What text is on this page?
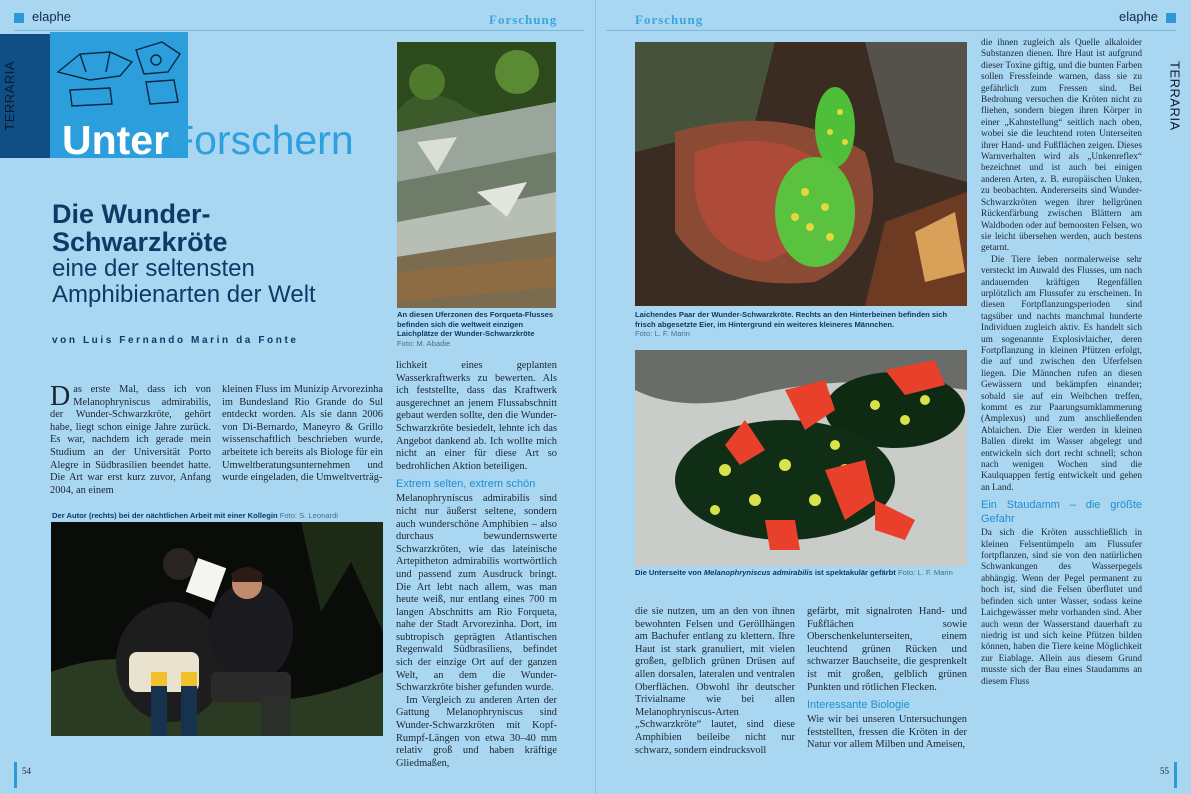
elaphe	Forschung
TERRARIA
UnterForschern
Die Wunder-
Schwarzkröte
eine der seltensten
Amphibienarten der Welt
von Luis Fernando Marin da Fonte

Das erste Mal, dass ich von Melanophryniscus admirabilis, der Wunder-Schwarzkröte, gehört habe, liegt schon einige Jahre zurück. Es war, nachdem ich gerade mein Studium an der Universität Porto Alegre in Südbrasilien beendet hatte. Die Art war erst kurz zuvor, Anfang 2004, an einem

kleinen Fluss im Munizip Arvorezinha im Bundesland Rio Grande do Sul entdeckt worden. Als sie dann 2006 von Di-Bernardo, Maneyro & Grillo wissenschaftlich beschrieben wurde, arbeitete ich bereits als Biologe für ein Umweltberatungsunternehmen und wurde eingeladen, die Umweltverträg-

Der Autor (rechts) bei der nächtlichen Arbeit mit einer Kollegin Foto: S. Leonardi
An diesen Uferzonen des Forqueta-Flusses befinden sich die weltweit einzigen Laichplätze der Wunder-Schwarzkröte
Foto: M. Abadie

lichkeit eines geplanten Wasserkraftwerks zu bewerten. Als ich feststellte, dass das Kraftwerk ausgerechnet an jenem Flussabschnitt gebaut werden sollte, den die Wunder-Schwarzkröte besiedelt, lehnte ich das Angebot dankend ab. Ich wollte mich nicht an einer für diese Art so bedrohlichen Aktion beteiligen.

Extrem selten, extrem schön

Melanophryniscus admirabilis sind nicht nur äußerst seltene, sondern auch wunderschöne Amphibien – also durchaus bewundernswerte Schwarzkröten, wie das lateinische Artepitheton admirabilis wortwörtlich und passend zum Ausdruck bringt. Die Art lebt nach allem, was man heute weiß, nur entlang eines 700 m langen Abschnitts am Rio Forqueta, nahe der Stadt Arvorezinha. Dort, im subtropisch geprägten Atlantischen Regenwald Südbrasiliens, befindet sich der einzige Ort auf der ganzen Welt, an dem die Wunder-Schwarzkröte bisher gefunden wurde.

Im Vergleich zu anderen Arten der Gattung Melanophryniscus sind Wunder-Schwarzkröten mit Kopf-Rumpf-Längen von etwa 30–40 mm relativ groß und haben kräftige Gliedmaßen,

54
Forschung	elaphe
TERRARIA
Laichendes Paar der Wunder-Schwarzkröte. Rechts an den Hinterbeinen befinden sich frisch abgesetzte Eier, im Hintergrund ein weiteres kleineres Männchen.
Foto: L. F. Marin
Die Unterseite von Melanophryniscus admirabilis ist spektakulär gefärbt Foto: L. F. Marin

die sie nutzen, um an den von ihnen bewohnten Felsen und Geröllhängen am Bachufer entlang zu klettern. Ihre Haut ist stark granuliert, mit vielen großen, gelblich grünen Drüsen auf allen dorsalen, lateralen und ventralen Oberflächen. Obwohl ihr deutscher Trivialname wie bei allen Melanophryniscus-Arten „Schwarzkröte“ lautet, sind diese Amphibien beileibe nicht nur schwarz, sondern eindrucksvoll

gefärbt, mit signalroten Hand- und Fußflächen sowie Oberschenkelunterseiten, einem leuchtend grünen Rücken und schwarzer Bauchseite, die gesprenkelt ist mit großen, gelblich grünen Punkten und rötlichen Flecken.

Interessante Biologie

Wie wir bei unseren Untersuchungen feststellten, fressen die Kröten in der Natur vor allem Milben und Ameisen,

die ihnen zugleich als Quelle alkaloider Substanzen dienen. Ihre Haut ist aufgrund dieser Toxine giftig, und die bunten Farben sollen Fressfeinde warnen, dass sie zu gefährlich zum Fressen sind. Bei Bedrohung versuchen die Kröten nicht zu fliehen, sondern biegen ihren Körper in einer „Kahnstellung“ seitlich nach oben, wobei sie die leuchtend roten Unterseiten ihrer Hand- und Fußflächen zeigen. Dieses Warnverhalten wird als „Unkenreflex“ bezeichnet und ist auch bei einigen anderen Arten, z. B. europäischen Unken, zu beobachten. Andererseits sind Wunder-Schwarzkröten wegen ihrer hellgrünen Rückenfärbung zwischen Blättern am Waldboden oder auf bemoosten Felsen, wo sie leicht übersehen werden, auch bestens getarnt.

Die Tiere leben normalerweise sehr versteckt im Auwald des Flusses, um nach andauernden kräftigen Regenfällen urplötzlich am Flussufer zu erscheinen. In diesen Fortpflanzungsperioden sind tagsüber und nachts manchmal hunderte Individuen zugleich aktiv. Es handelt sich um sogenannte Explosivlaicher, deren Fortpflanzung in kleinen Pfützen erfolgt, die auf und zwischen den Uferfelsen liegen. Die Männchen rufen an diesen Gewässern und bekämpfen einander; sobald sie auf ein Weibchen treffen, kommt es zur Paarungsumklammerung (Amplexus) und zum anschließenden Ablaichen. Die Eier werden in kleinen Ballen direkt im Wasser abgelegt und entwickeln sich dort recht schnell; schon nach wenigen Wochen sind die Kaulquappen fertig entwickelt und gehen an Land.

Ein Staudamm – die größte Gefahr

Da sich die Kröten ausschließlich in kleinen Felsentümpeln am Flussufer fortpflanzen, sind sie von den natürlichen Schwankungen des Wasserpegels abhängig. Wenn der Pegel permanent zu hoch ist, sind die Felsen überflutet und befinden sich unter Wasser, sodass keine Laichgewässer mehr vorhanden sind. Aber auch wenn der Wasserstand dauerhaft zu niedrig ist und sich keine Pfützen bilden können, haben die Tiere keine Möglichkeit zur Eiablage. Allein aus diesem Grund musste sich der Bau eines Staudamms an diesem Fluss

55
